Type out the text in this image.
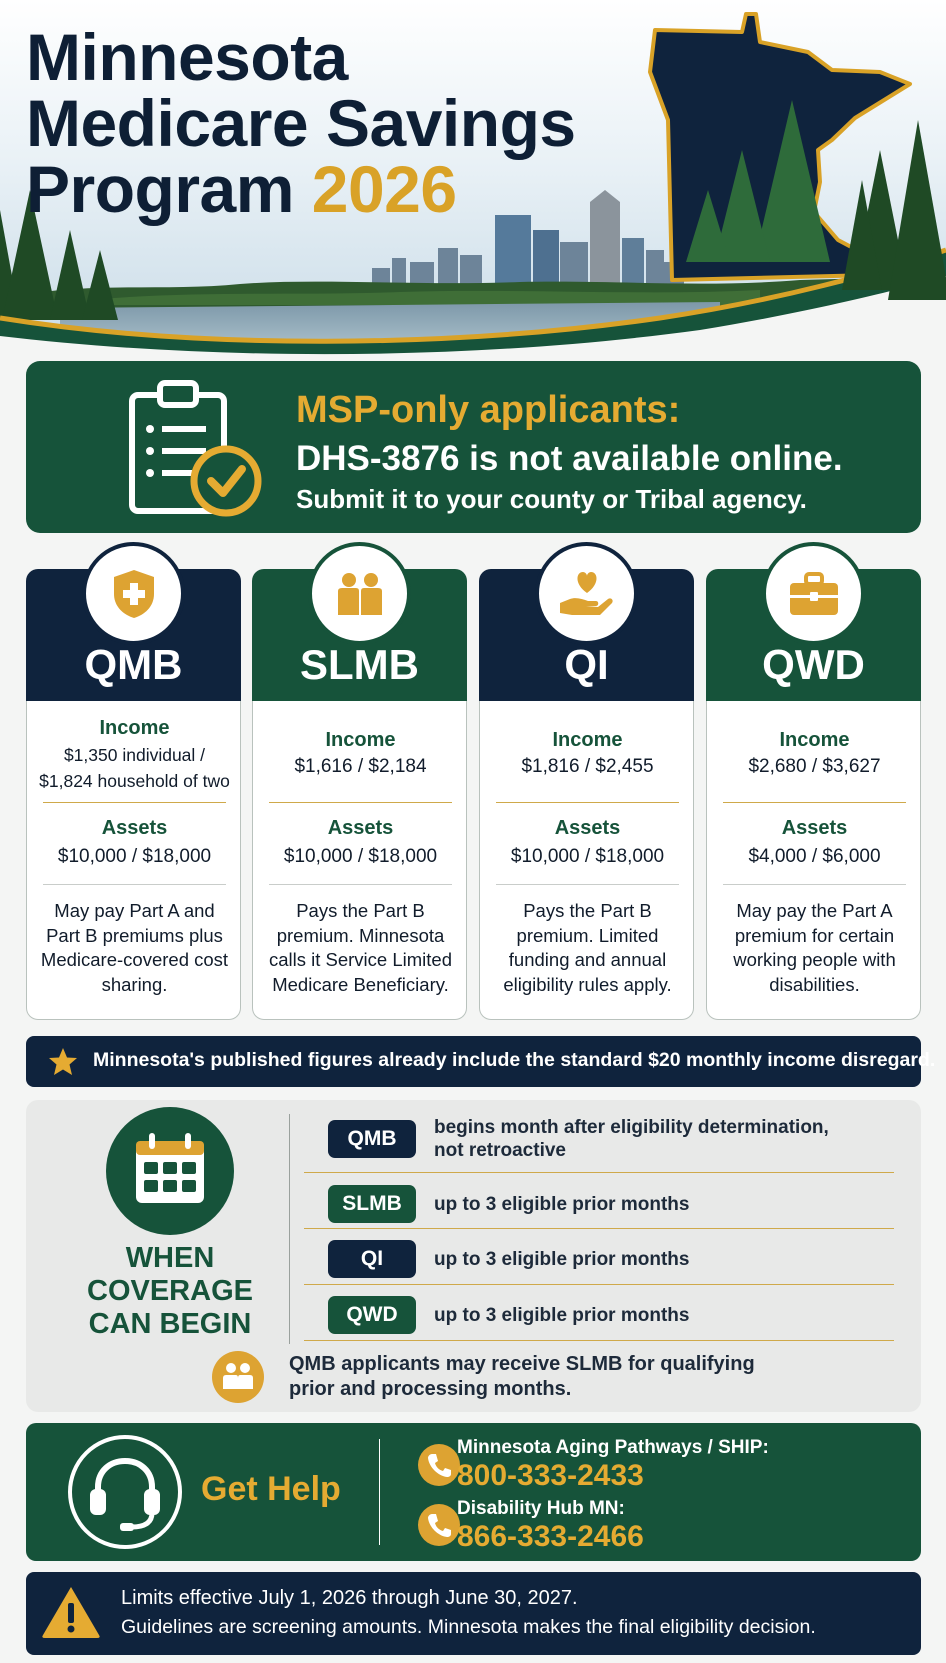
Minnesota
Medicare Savings
Program 2026
MSP-only applicants:
DHS-3876 is not available online.
Submit it to your county or Tribal agency.
QMB
Income
$1,350 individual /
$1,824 household of two
Assets
$10,000 / $18,000
May pay Part A and Part B premiums plus Medicare-covered cost sharing.
SLMB
Income
$1,616 / $2,184
Assets
$10,000 / $18,000
Pays the Part B premium. Minnesota calls it Service Limited Medicare Beneficiary.
QI
Income
$1,816 / $2,455
Assets
$10,000 / $18,000
Pays the Part B premium. Limited funding and annual eligibility rules apply.
QWD
Income
$2,680 / $3,627
Assets
$4,000 / $6,000
May pay the Part A premium for certain working people with disabilities.
Minnesota's published figures already include the standard $20 monthly income disregard.
WHEN
COVERAGE
CAN BEGIN
QMB	begins month after eligibility determination,
not retroactive
SLMB	up to 3 eligible prior months
QI	up to 3 eligible prior months
QWD	up to 3 eligible prior months
QMB applicants may receive SLMB for qualifying
prior and processing months.
Get Help
Minnesota Aging Pathways / SHIP:
800-333-2433
Disability Hub MN:
866-333-2466
Limits effective July 1, 2026 through June 30, 2027.
Guidelines are screening amounts. Minnesota makes the final eligibility decision.
